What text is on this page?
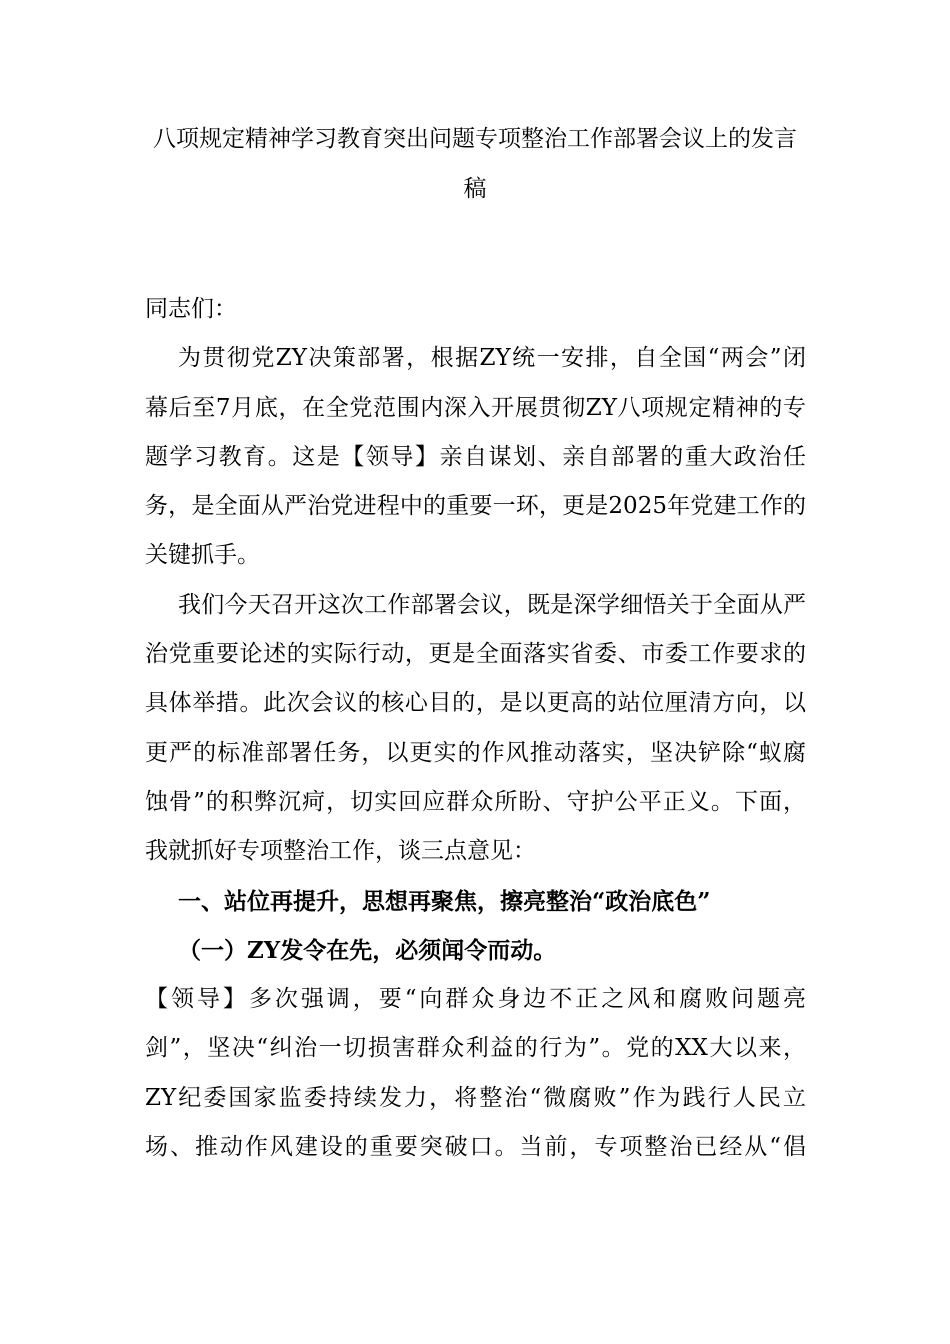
八项规定精神学习教育突出问题专项整治工作部署会议上的发言
稿
同志们：
为贯彻党ZY决策部署，根据ZY统一安排，自全国“两会”闭
幕后至7月底，在全党范围内深入开展贯彻ZY八项规定精神的专
题学习教育。这是【领导】亲自谋划、亲自部署的重大政治任
务，是全面从严治党进程中的重要一环，更是2025年党建工作的
关键抓手。
我们今天召开这次工作部署会议，既是深学细悟关于全面从严
治党重要论述的实际行动，更是全面落实省委、市委工作要求的
具体举措。此次会议的核心目的，是以更高的站位厘清方向，以
更严的标准部署任务，以更实的作风推动落实，坚决铲除“蚁腐
蚀骨”的积弊沉疴，切实回应群众所盼、守护公平正义。下面，
我就抓好专项整治工作，谈三点意见：
一、站位再提升，思想再聚焦，擦亮整治“政治底色”
（一）ZY发令在先，必须闻令而动。
【领导】多次强调，要“向群众身边不正之风和腐败问题亮
剑”，坚决“纠治一切损害群众利益的行为”。党的XX大以来，
ZY纪委国家监委持续发力，将整治“微腐败”作为践行人民立
场、推动作风建设的重要突破口。当前，专项整治已经从“倡
